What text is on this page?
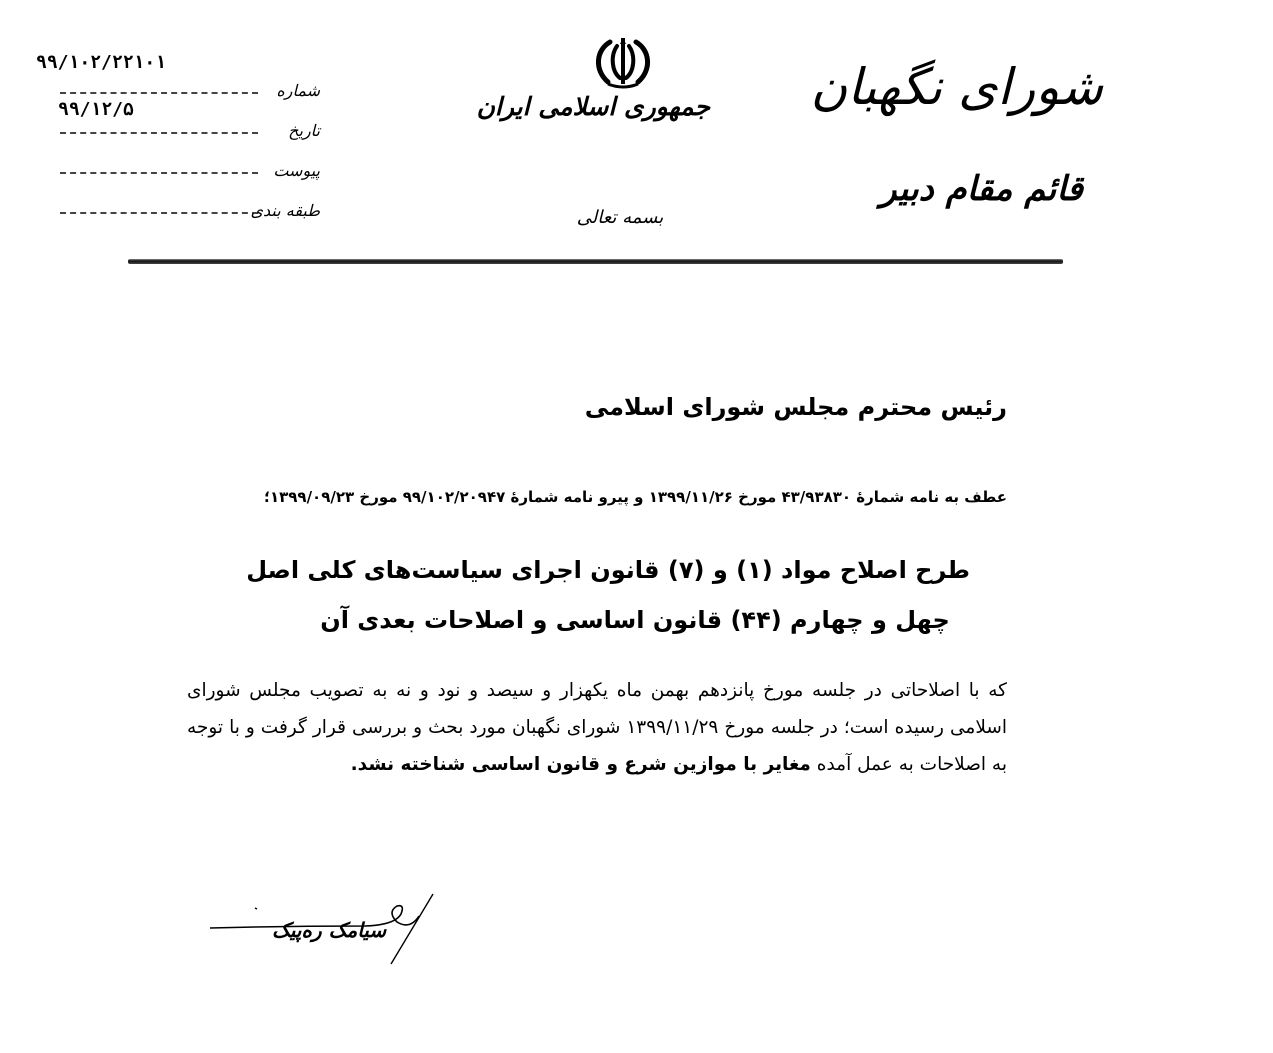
شورای نگهبان
قائم مقام دبیر
جمهوری اسلامی ایران
بسمه تعالی
۹۹/۱۰۲/۲۲۱۰۱
شماره
۹۹/۱۲/۵
تاریخ
پیوست
طبقه بندی
رئیس محترم مجلس شورای اسلامی
عطف به نامه شمارهٔ ۴۳/۹۳۸۳۰ مورخ ۱۳۹۹/۱۱/۲۶ و پیرو نامه شمارهٔ ۹۹/۱۰۲/۲۰۹۴۷ مورخ ۱۳۹۹/۰۹/۲۳؛
طرح اصلاح مواد (۱) و (۷) قانون اجرای سیاست‌های کلی اصل
چهل و چهارم (۴۴) قانون اساسی و اصلاحات بعدی آن
که با اصلاحاتی در جلسه مورخ پانزدهم بهمن ماه یکهزار و سیصد و نود و نه به تصویب مجلس شورای اسلامی رسیده است؛ در جلسه مورخ ۱۳۹۹/۱۱/۲۹ شورای نگهبان مورد بحث و بررسی قرار گرفت و با توجه به اصلاحات به عمل آمده مغایر با موازین شرع و قانون اساسی شناخته نشد.
سیامک ره‌پیک
